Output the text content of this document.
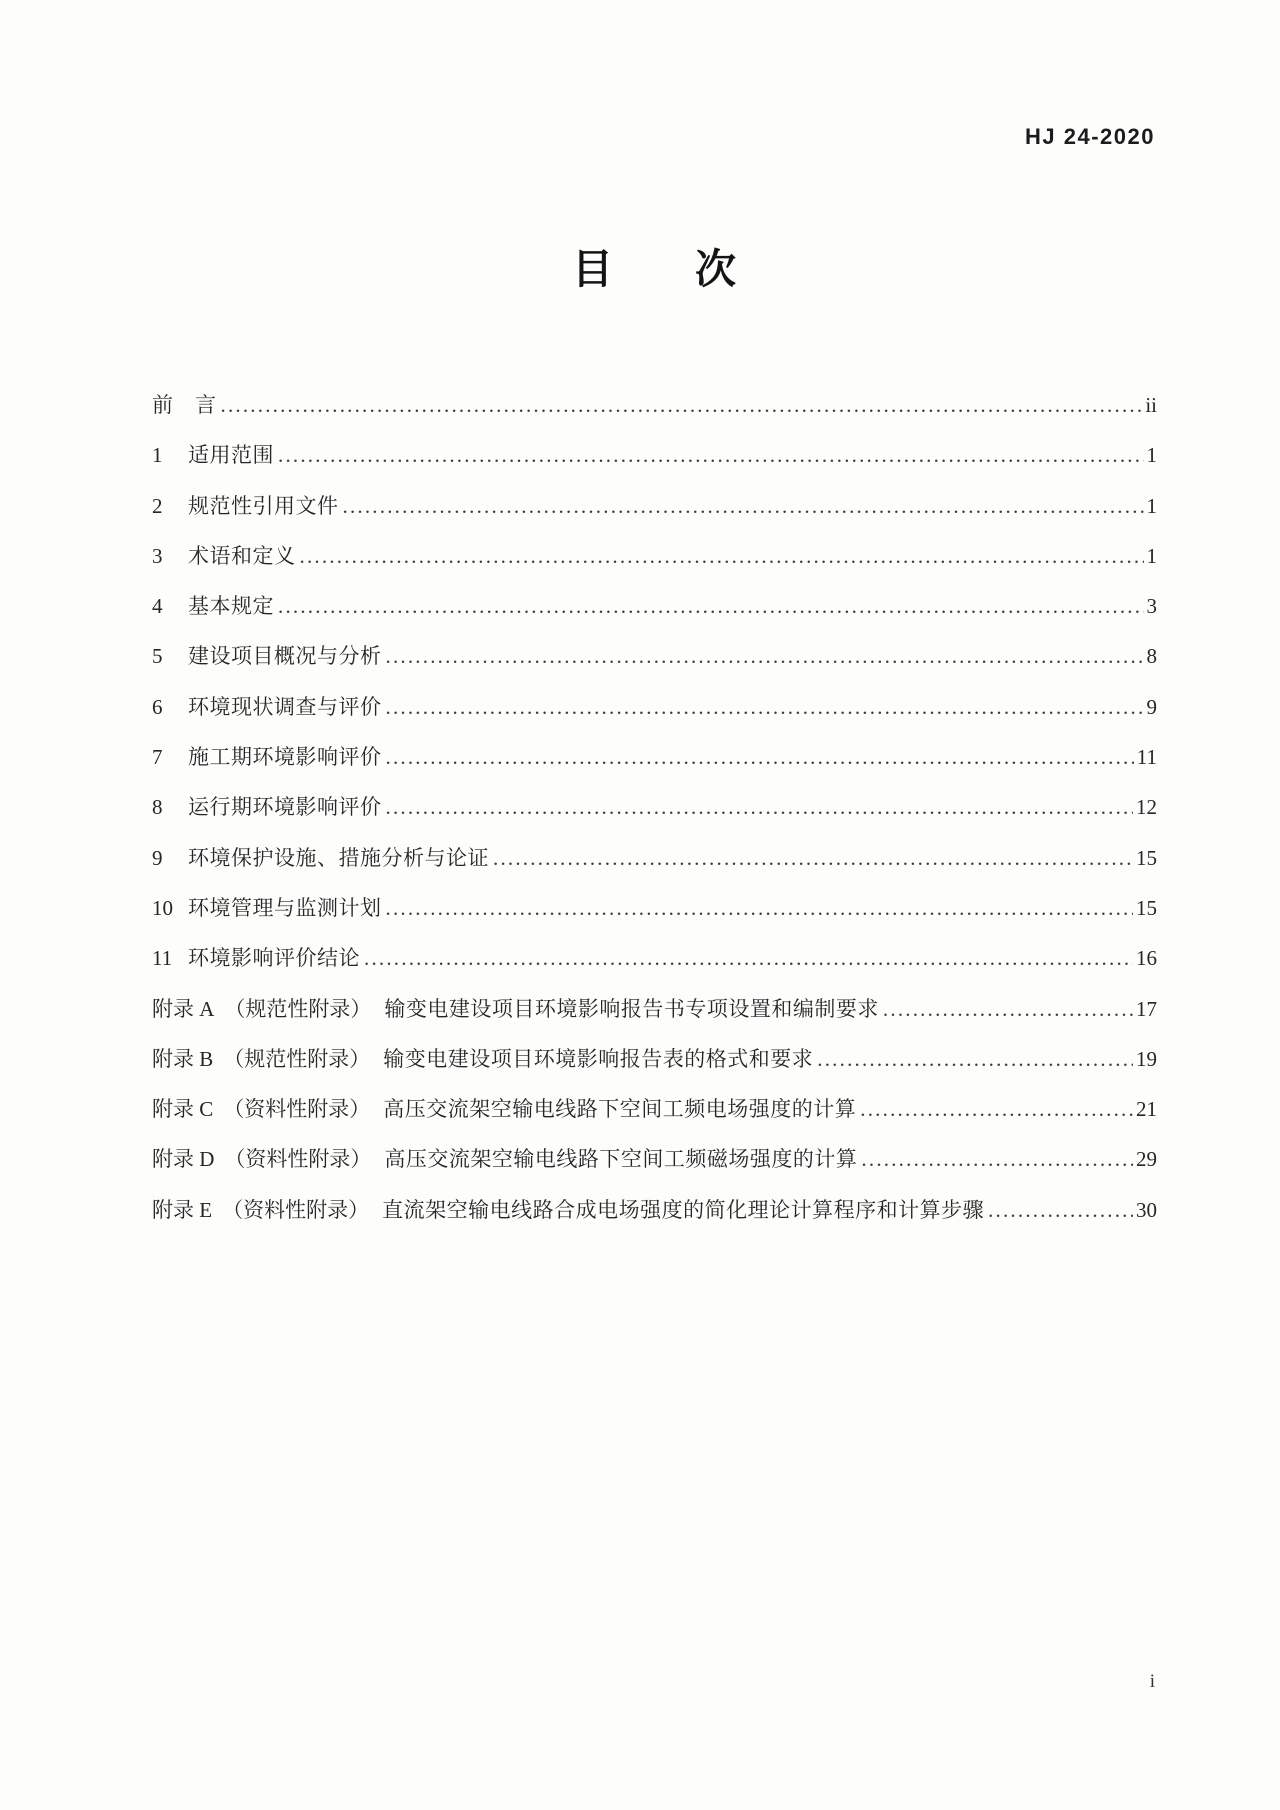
HJ 24-2020
目　　次
前　言 .....	ii
1	适用范围 .....	1
2	规范性引用文件 .....	1
3	术语和定义 .....	1
4	基本规定 .....	3
5	建设项目概况与分析 .....	8
6	环境现状调查与评价 .....	9
7	施工期环境影响评价 .....	11
8	运行期环境影响评价 .....	12
9	环境保护设施、措施分析与论证 .....	15
10 环境管理与监测计划 .....	15
11 环境影响评价结论 .....	16
附录 A （规范性附录） 输变电建设项目环境影响报告书专项设置和编制要求 .....	17
附录 B （规范性附录） 输变电建设项目环境影响报告表的格式和要求 .....	19
附录 C （资料性附录） 高压交流架空输电线路下空间工频电场强度的计算 .....	21
附录 D （资料性附录） 高压交流架空输电线路下空间工频磁场强度的计算 .....	29
附录 E （资料性附录） 直流架空输电线路合成电场强度的简化理论计算程序和计算步骤 .....	30
i
